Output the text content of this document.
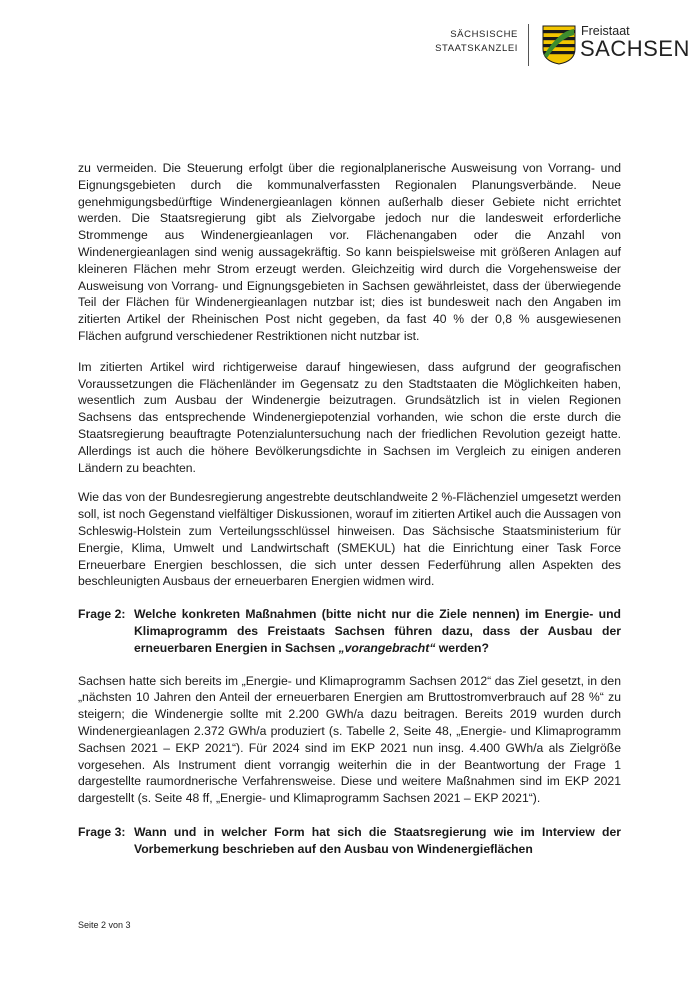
SÄCHSISCHE
STAATSKANZLEI
Freistaat
SACHSEN

zu vermeiden. Die Steuerung erfolgt über die regionalplanerische Ausweisung von Vorrang- und Eignungsgebieten durch die kommunalverfassten Regionalen Planungsverbände. Neue genehmigungsbedürftige Windenergieanlagen können außerhalb dieser Gebiete nicht errichtet werden. Die Staatsregierung gibt als Zielvorgabe jedoch nur die landesweit erforderliche Strommenge aus Windenergieanlagen vor. Flächenangaben oder die Anzahl von Windenergieanlagen sind wenig aussagekräftig. So kann beispielsweise mit größeren Anlagen auf kleineren Flächen mehr Strom erzeugt werden. Gleichzeitig wird durch die Vorgehensweise der Ausweisung von Vorrang- und Eignungsgebieten in Sachsen gewährleistet, dass der überwiegende Teil der Flächen für Windenergieanlagen nutzbar ist; dies ist bundesweit nach den Angaben im zitierten Artikel der Rheinischen Post nicht gegeben, da fast 40 % der 0,8 % ausgewiesenen Flächen aufgrund verschiedener Restriktionen nicht nutzbar ist.

Im zitierten Artikel wird richtigerweise darauf hingewiesen, dass aufgrund der geografischen Voraussetzungen die Flächenländer im Gegensatz zu den Stadtstaaten die Möglichkeiten haben, wesentlich zum Ausbau der Windenergie beizutragen. Grundsätzlich ist in vielen Regionen Sachsens das entsprechende Windenergiepotenzial vorhanden, wie schon die erste durch die Staatsregierung beauftragte Potenzialuntersuchung nach der friedlichen Revolution gezeigt hatte. Allerdings ist auch die höhere Bevölkerungsdichte in Sachsen im Vergleich zu einigen anderen Ländern zu beachten.

Wie das von der Bundesregierung angestrebte deutschlandweite 2 %-Flächenziel umgesetzt werden soll, ist noch Gegenstand vielfältiger Diskussionen, worauf im zitierten Artikel auch die Aussagen von Schleswig-Holstein zum Verteilungsschlüssel hinweisen. Das Sächsische Staatsministerium für Energie, Klima, Umwelt und Landwirtschaft (SMEKUL) hat die Einrichtung einer Task Force Erneuerbare Energien beschlossen, die sich unter dessen Federführung allen Aspekten des beschleunigten Ausbaus der erneuerbaren Energien widmen wird.

Frage 2: Welche konkreten Maßnahmen (bitte nicht nur die Ziele nennen) im Energie- und Klimaprogramm des Freistaats Sachsen führen dazu, dass der Ausbau der erneuerbaren Energien in Sachsen „vorangebracht“ werden?

Sachsen hatte sich bereits im „Energie- und Klimaprogramm Sachsen 2012“ das Ziel gesetzt, in den „nächsten 10 Jahren den Anteil der erneuerbaren Energien am Bruttostromverbrauch auf 28 %“ zu steigern; die Windenergie sollte mit 2.200 GWh/a dazu beitragen. Bereits 2019 wurden durch Windenergieanlagen 2.372 GWh/a produziert (s. Tabelle 2, Seite 48, „Energie- und Klimaprogramm Sachsen 2021 – EKP 2021“). Für 2024 sind im EKP 2021 nun insg. 4.400 GWh/a als Zielgröße vorgesehen. Als Instrument dient vorrangig weiterhin die in der Beantwortung der Frage 1 dargestellte raumordnerische Verfahrensweise. Diese und weitere Maßnahmen sind im EKP 2021 dargestellt (s. Seite 48 ff, „Energie- und Klimaprogramm Sachsen 2021 – EKP 2021“).

Frage 3: Wann und in welcher Form hat sich die Staatsregierung wie im Interview der Vorbemerkung beschrieben auf den Ausbau von Windenergieflächen
Seite 2 von 3
